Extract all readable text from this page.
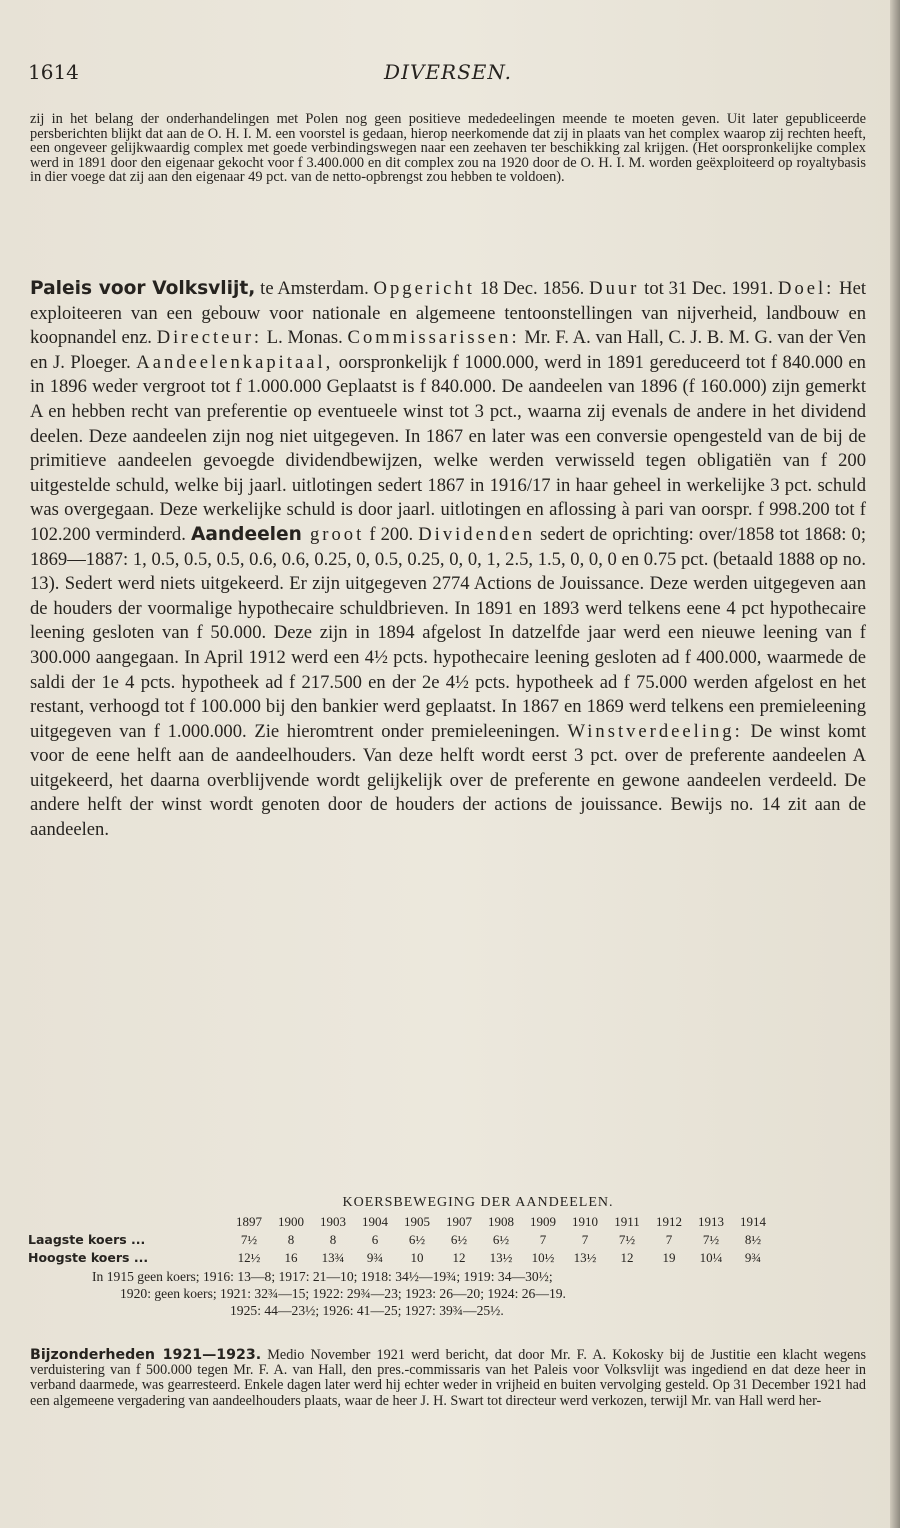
1614	DIVERSEN.
zij in het belang der onderhandelingen met Polen nog geen positieve mededeelingen meende te moeten geven. Uit later gepubliceerde persberichten blijkt dat aan de O. H. I. M. een voorstel is gedaan, hierop neerkomende dat zij in plaats van het complex waarop zij rechten heeft, een ongeveer gelijkwaardig complex met goede verbindingswegen naar een zeehaven ter beschikking zal krijgen. (Het oorspronkelijke complex werd in 1891 door den eigenaar gekocht voor f 3.400.000 en dit complex zou na 1920 door de O. H. I. M. worden geëxploiteerd op royaltybasis in dier voege dat zij aan den eigenaar 49 pct. van de netto-opbrengst zou hebben te voldoen).
Paleis voor Volksvlijt, te Amsterdam. Opgericht 18 Dec. 1856. Duur tot 31 Dec. 1991. Doel: Het exploiteeren van een gebouw voor nationale en algemeene tentoonstellingen van nijverheid, landbouw en koopnandel enz. Directeur: L. Monas. Commissarissen: Mr. F. A. van Hall, C. J. B. M. G. van der Ven en J. Ploeger. Aandeelenkapitaal, oorspronkelijk f 1000.000, werd in 1891 gereduceerd tot f 840.000 en in 1896 weder vergroot tot f 1.000.000 Geplaatst is f 840.000. De aandeelen van 1896 (f 160.000) zijn gemerkt A en hebben recht van preferentie op eventueele winst tot 3 pct., waarna zij evenals de andere in het dividend deelen. Deze aandeelen zijn nog niet uitgegeven. In 1867 en later was een conversie opengesteld van de bij de primitieve aandeelen gevoegde dividendbewijzen, welke werden verwisseld tegen obligatiën van f 200 uitgestelde schuld, welke bij jaarl. uitlotingen sedert 1867 in 1916/17 in haar geheel in werkelijke 3 pct. schuld was overgegaan. Deze werkelijke schuld is door jaarl. uitlotingen en aflossing à pari van oorspr. f 998.200 tot f 102.200 verminderd. Aandeelen groot f 200. Dividenden sedert de oprichting: over/1858 tot 1868: 0; 1869—1887: 1, 0.5, 0.5, 0.5, 0.6, 0.6, 0.25, 0, 0.5, 0.25, 0, 0, 1, 2.5, 1.5, 0, 0, 0 en 0.75 pct. (betaald 1888 op no. 13). Sedert werd niets uitgekeerd. Er zijn uitgegeven 2774 Actions de Jouissance. Deze werden uitgegeven aan de houders der voormalige hypothecaire schuldbrieven. In 1891 en 1893 werd telkens eene 4 pct hypothecaire leening gesloten van f 50.000. Deze zijn in 1894 afgelost In datzelfde jaar werd een nieuwe leening van f 300.000 aangegaan. In April 1912 werd een 4½ pcts. hypothecaire leening gesloten ad f 400.000, waarmede de saldi der 1e 4 pcts. hypotheek ad f 217.500 en der 2e 4½ pcts. hypotheek ad f 75.000 werden afgelost en het restant, verhoogd tot f 100.000 bij den bankier werd geplaatst. In 1867 en 1869 werd telkens een premieleening uitgegeven van f 1.000.000. Zie hieromtrent onder premieleeningen. Winstverdeeling: De winst komt voor de eene helft aan de aandeelhouders. Van deze helft wordt eerst 3 pct. over de preferente aandeelen A uitgekeerd, het daarna overblijvende wordt gelijkelijk over de preferente en gewone aandeelen verdeeld. De andere helft der winst wordt genoten door de houders der actions de jouissance. Bewijs no. 14 zit aan de aandeelen.
KOERSBEWEGING DER AANDEELEN.
1897	1900	1903	1904	1905	1907	1908	1909	1910	1911	1912	1913	1914
Laagste koers ...	7½	8	8	6	6½	6½	6½	7	7	7½	7	7½	8½
Hoogste koers ...	12½	16	13¾	9¾	10	12	13½	10½	13½	12	19	10¼	9¾
In 1915 geen koers; 1916: 13—8; 1917: 21—10; 1918: 34½—19¾; 1919: 34—30½;
1920: geen koers; 1921: 32¾—15; 1922: 29¾—23; 1923: 26—20; 1924: 26—19.
1925: 44—23½; 1926: 41—25; 1927: 39¾—25½.
Bijzonderheden 1921—1923. Medio November 1921 werd bericht, dat door Mr. F. A. Kokosky bij de Justitie een klacht wegens verduistering van f 500.000 tegen Mr. F. A. van Hall, den pres.-commissaris van het Paleis voor Volksvlijt was ingediend en dat deze heer in verband daarmede, was gearresteerd. Enkele dagen later werd hij echter weder in vrijheid en buiten vervolging gesteld. Op 31 December 1921 had een algemeene vergadering van aandeelhouders plaats, waar de heer J. H. Swart tot directeur werd verkozen, terwijl Mr. van Hall werd her-
